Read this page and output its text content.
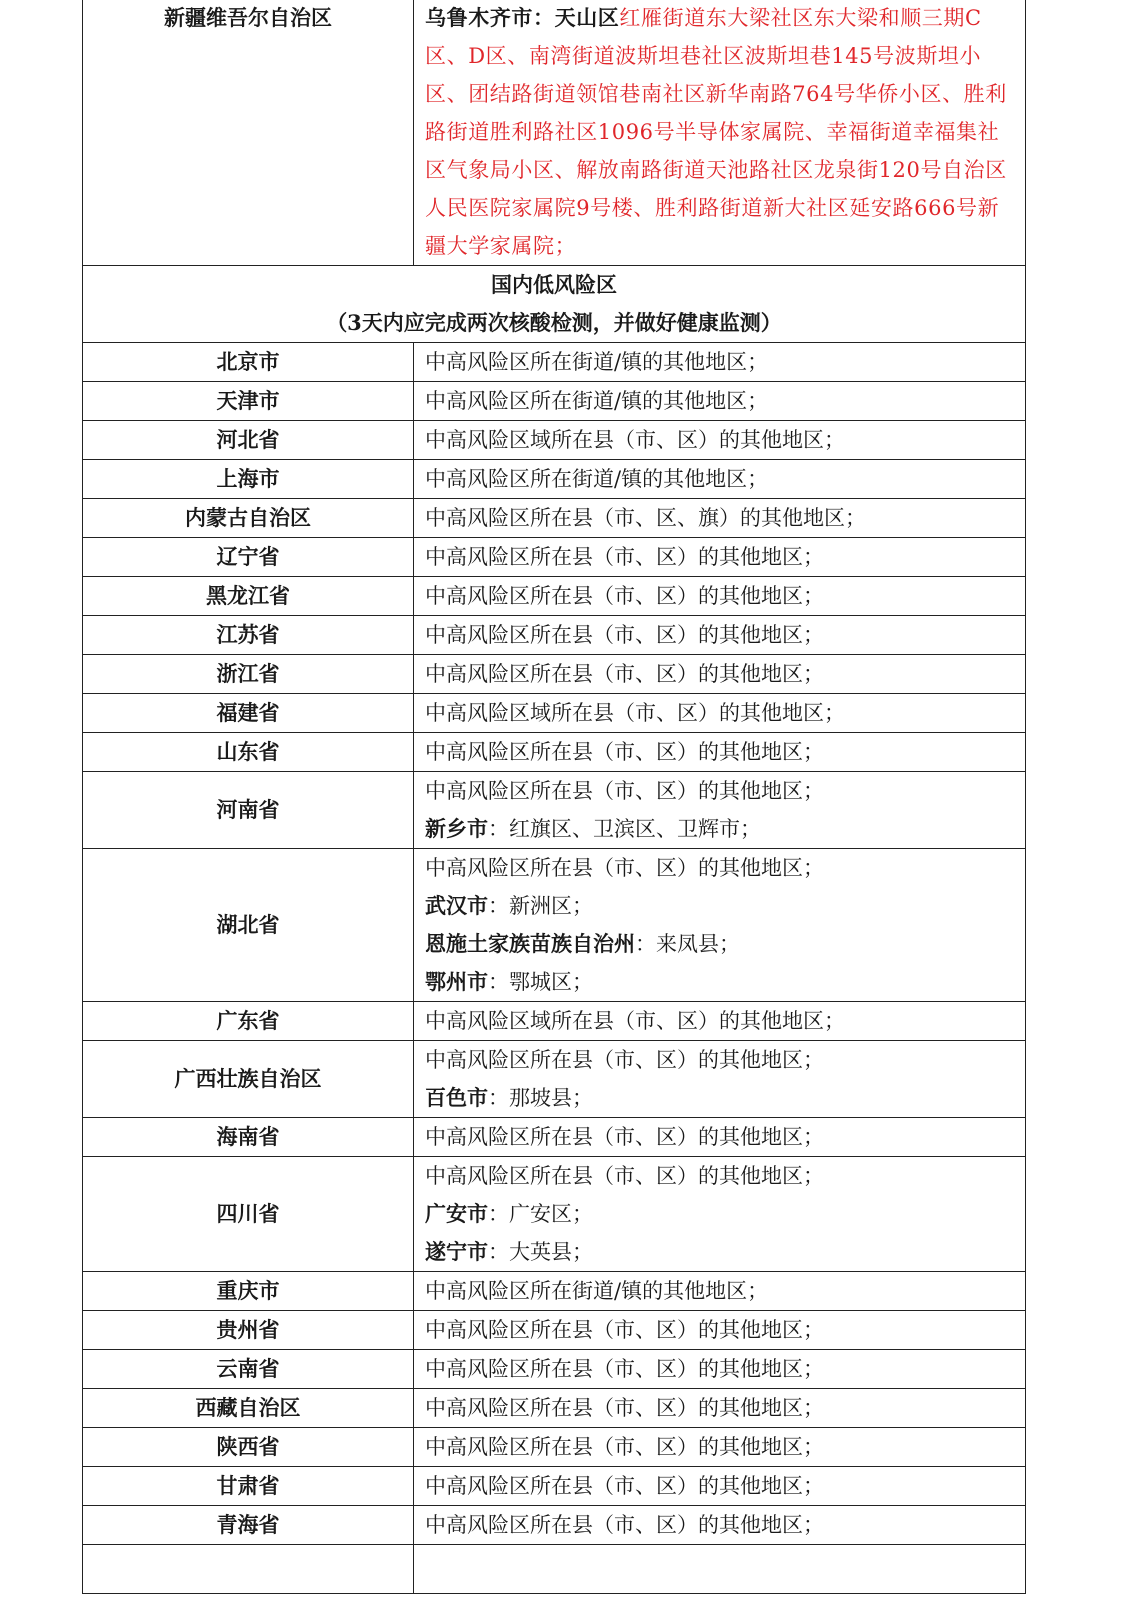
新疆维吾尔自治区	乌鲁木齐市：天山区红雁街道东大梁社区东大梁和顺三期C区、D区、南湾街道波斯坦巷社区波斯坦巷145号波斯坦小区、团结路街道领馆巷南社区新华南路764号华侨小区、胜利路街道胜利路社区1096号半导体家属院、幸福街道幸福集社区气象局小区、解放南路街道天池路社区龙泉街120号自治区人民医院家属院9号楼、胜利路街道新大社区延安路666号新疆大学家属院；

国内低风险区
（3天内应完成两次核酸检测，并做好健康监测）	

北京市	中高风险区所在街道/镇的其他地区；

天津市	中高风险区所在街道/镇的其他地区；

河北省	中高风险区域所在县（市、区）的其他地区；

上海市	中高风险区所在街道/镇的其他地区；

内蒙古自治区	中高风险区所在县（市、区、旗）的其他地区；

辽宁省	中高风险区所在县（市、区）的其他地区；

黑龙江省	中高风险区所在县（市、区）的其他地区；

江苏省	中高风险区所在县（市、区）的其他地区；

浙江省	中高风险区所在县（市、区）的其他地区；

福建省	中高风险区域所在县（市、区）的其他地区；

山东省	中高风险区所在县（市、区）的其他地区；

河南省	中高风险区所在县（市、区）的其他地区；
新乡市：红旗区、卫滨区、卫辉市；

湖北省	中高风险区所在县（市、区）的其他地区；
武汉市：新洲区；
恩施土家族苗族自治州：来凤县；
鄂州市：鄂城区；

广东省	中高风险区域所在县（市、区）的其他地区；

广西壮族自治区	中高风险区所在县（市、区）的其他地区；
百色市：那坡县；

海南省	中高风险区所在县（市、区）的其他地区；

四川省	中高风险区所在县（市、区）的其他地区；
广安市：广安区；
遂宁市：大英县；

重庆市	中高风险区所在街道/镇的其他地区；

贵州省	中高风险区所在县（市、区）的其他地区；

云南省	中高风险区所在县（市、区）的其他地区；

西藏自治区	中高风险区所在县（市、区）的其他地区；

陕西省	中高风险区所在县（市、区）的其他地区；

甘肃省	中高风险区所在县（市、区）的其他地区；

青海省	中高风险区所在县（市、区）的其他地区；
